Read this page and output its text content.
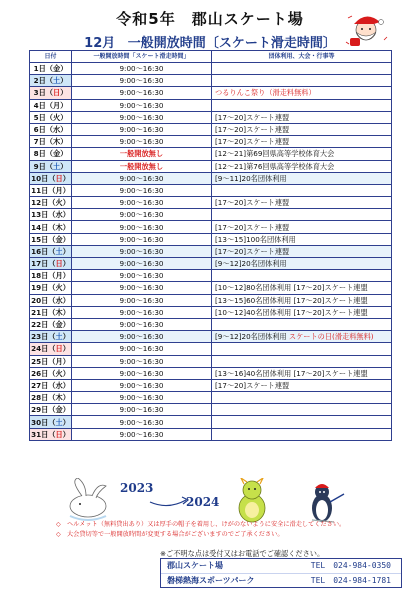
令和5年　郡山スケート場
12月 一般開放時間〔スケート滑走時間〕
日付	一般開放時間「スケート滑走時間」	団体利用、大会・行事等
1日（金）	9:00〜16:30	
2日（土）	9:00〜16:30	
3日（日）	9:00〜16:30	つるりんこ祭り（滑走料無料）
4日（月）	9:00〜16:30	
5日（火）	9:00〜16:30	[17〜20]スケート連盟
6日（水）	9:00〜16:30	[17〜20]スケート連盟
7日（木）	9:00〜16:30	[17〜20]スケート連盟
8日（金）	一般開放無し	[12〜21]第69回県高等学校体育大会
9日（土）	一般開放無し	[12〜21]第76回県高等学校体育大会
10日（日）	9:00〜16:30	[9〜11]20名団体利用
11日（月）	9:00〜16:30	
12日（火）	9:00〜16:30	[17〜20]スケート連盟
13日（水）	9:00〜16:30	
14日（木）	9:00〜16:30	[17〜20]スケート連盟
15日（金）	9:00〜16:30	[13〜15]100名団体利用
16日（土）	9:00〜16:30	[17〜20]スケート連盟
17日（日）	9:00〜16:30	[9〜12]20名団体利用
18日（月）	9:00〜16:30	
19日（火）	9:00〜16:30	[10〜12]80名団体利用 [17〜20]スケート連盟
20日（水）	9:00〜16:30	[13〜15]60名団体利用 [17〜20]スケート連盟
21日（木）	9:00〜16:30	[10〜12]40名団体利用 [17〜20]スケート連盟
22日（金）	9:00〜16:30	
23日（土）	9:00〜16:30	[9〜12]20名団体利用 スケートの日(滑走料無料)
24日（日）	9:00〜16:30	
25日（月）	9:00〜16:30	
26日（火）	9:00〜16:30	[13〜16]40名団体利用 [17〜20]スケート連盟
27日（水）	9:00〜16:30	[17〜20]スケート連盟
28日（木）	9:00〜16:30	
29日（金）	9:00〜16:30	
30日（土）	9:00〜16:30	
31日（日）	9:00〜16:30	
2023
2024
◇　ヘルメット（無料貸出あり）又は厚手の帽子を着用し、けがのないように安全に滑走してください。
◇　大会貸切等で一般開放時間が変更する場合がございますのでご了承ください。
※ご不明な点は受付又はお電話でご確認ください。
郡山スケート場	TEL　024-984-0350
磐梯熱海スポーツパーク	TEL　024-984-1781
